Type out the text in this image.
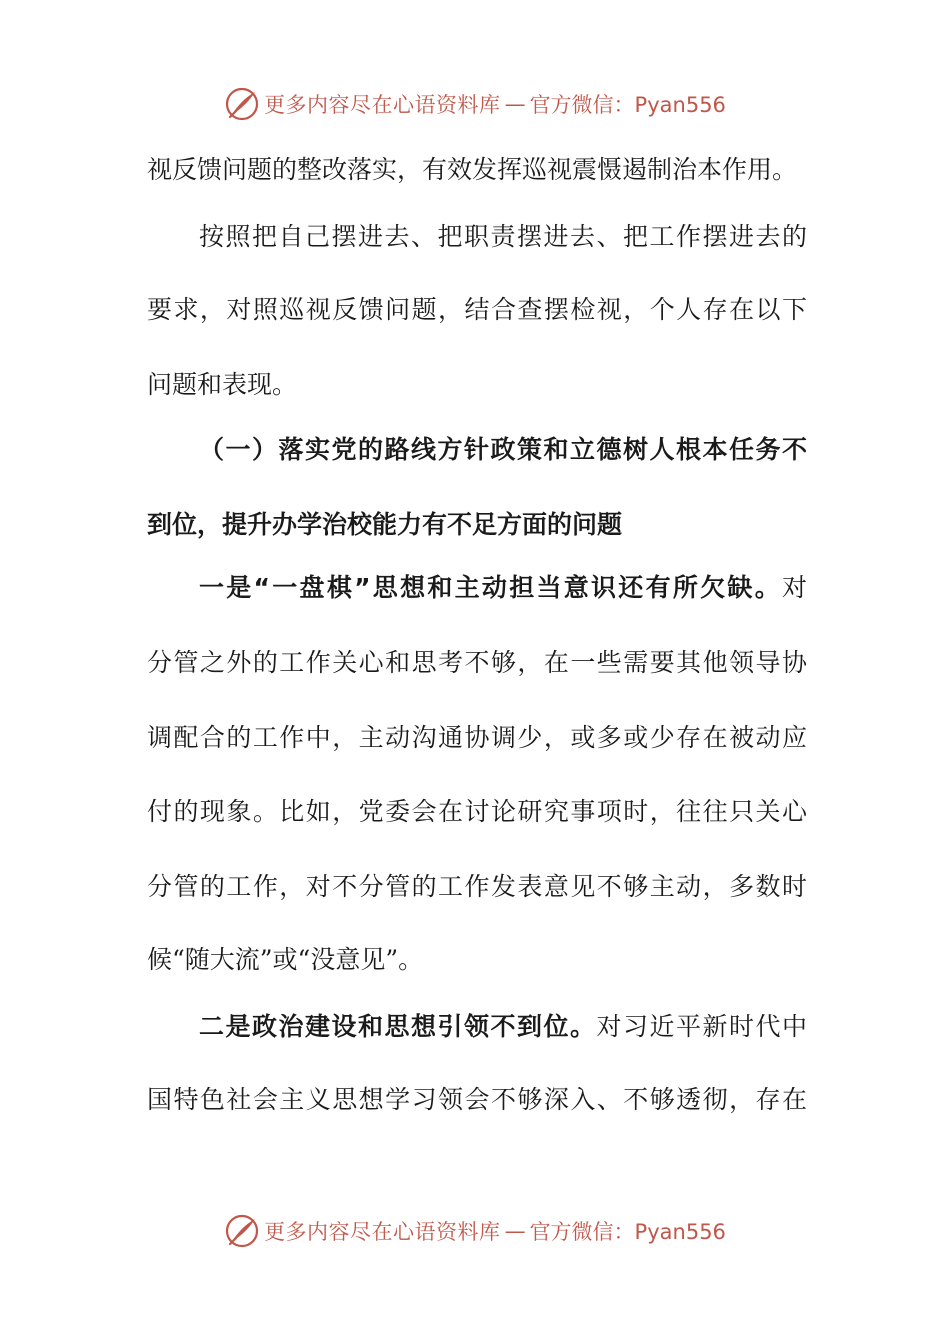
更多内容尽在心语资料库 — 官方微信：Pyan556
视反馈问题的整改落实，有效发挥巡视震慑遏制治本作用。
按照把自己摆进去、把职责摆进去、把工作摆进去的
要求，对照巡视反馈问题，结合查摆检视，个人存在以下
问题和表现。
（一）落实党的路线方针政策和立德树人根本任务不
到位，提升办学治校能力有不足方面的问题
一是“一盘棋”思想和主动担当意识还有所欠缺。对
分管之外的工作关心和思考不够，在一些需要其他领导协
调配合的工作中，主动沟通协调少，或多或少存在被动应
付的现象。比如，党委会在讨论研究事项时，往往只关心
分管的工作，对不分管的工作发表意见不够主动，多数时
候“随大流”或“没意见”。
二是政治建设和思想引领不到位。对习近平新时代中
国特色社会主义思想学习领会不够深入、不够透彻，存在
更多内容尽在心语资料库 — 官方微信：Pyan556
